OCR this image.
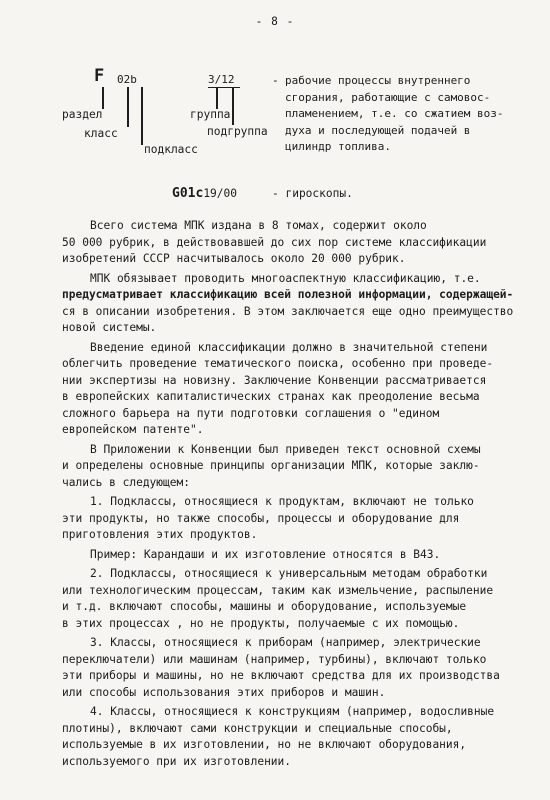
- 8 -
F 02b	3/12
раздел
класс
подкласс
группа
подгруппа
- рабочие процессы внутреннего
сгорания, работающие с самовос-
пламенением, т.е. со сжатием воз-
духа и последующей подачей в
цилиндр топлива.
G01c19/00	- гироскопы.
Всего система МПК издана в 8 томах, содержит около
50 000 рубрик, в действовавшей до сих пор системе классификации
изобретений СССР насчитывалось около 20 000 рубрик.
МПК обязывает проводить многоаспектную классификацию, т.е.
предусматривает классификацию всей полезной информации, содержащей-
ся в описании изобретения. В этом заключается еще одно преимущество
новой системы.
Введение единой классификации должно в значительной степени
облегчить проведение тематического поиска, особенно при проведе-
нии экспертизы на новизну. Заключение Конвенции рассматривается
в европейских капиталистических странах как преодоление весьма
сложного барьера на пути подготовки соглашения о "едином
европейском патенте".
В Приложении к Конвенции был приведен текст основной схемы
и определены основные принципы организации МПК, которые заклю-
чались в следующем:
1. Подклассы, относящиеся к продуктам, включают не только
эти продукты, но также способы, процессы и оборудование для
приготовления этих продуктов.
Пример: Карандаши и их изготовление относятся в В43.
2. Подклассы, относящиеся к универсальным методам обработки
или технологическим процессам, таким как измельчение, распыление
и т.д. включают способы, машины и оборудование, используемые
в этих процессах , но не продукты, получаемые с их помощью.
3. Классы, относящиеся к приборам (например, электрические
переключатели) или машинам (например, турбины), включают только
эти приборы и машины, но не включают средства для их производства
или способы использования этих приборов и машин.
4. Классы, относящиеся к конструкциям (например, водосливные
плотины), включают сами конструкции и специальные способы,
используемые в их изготовлении, но не включают оборудования,
используемого при их изготовлении.
